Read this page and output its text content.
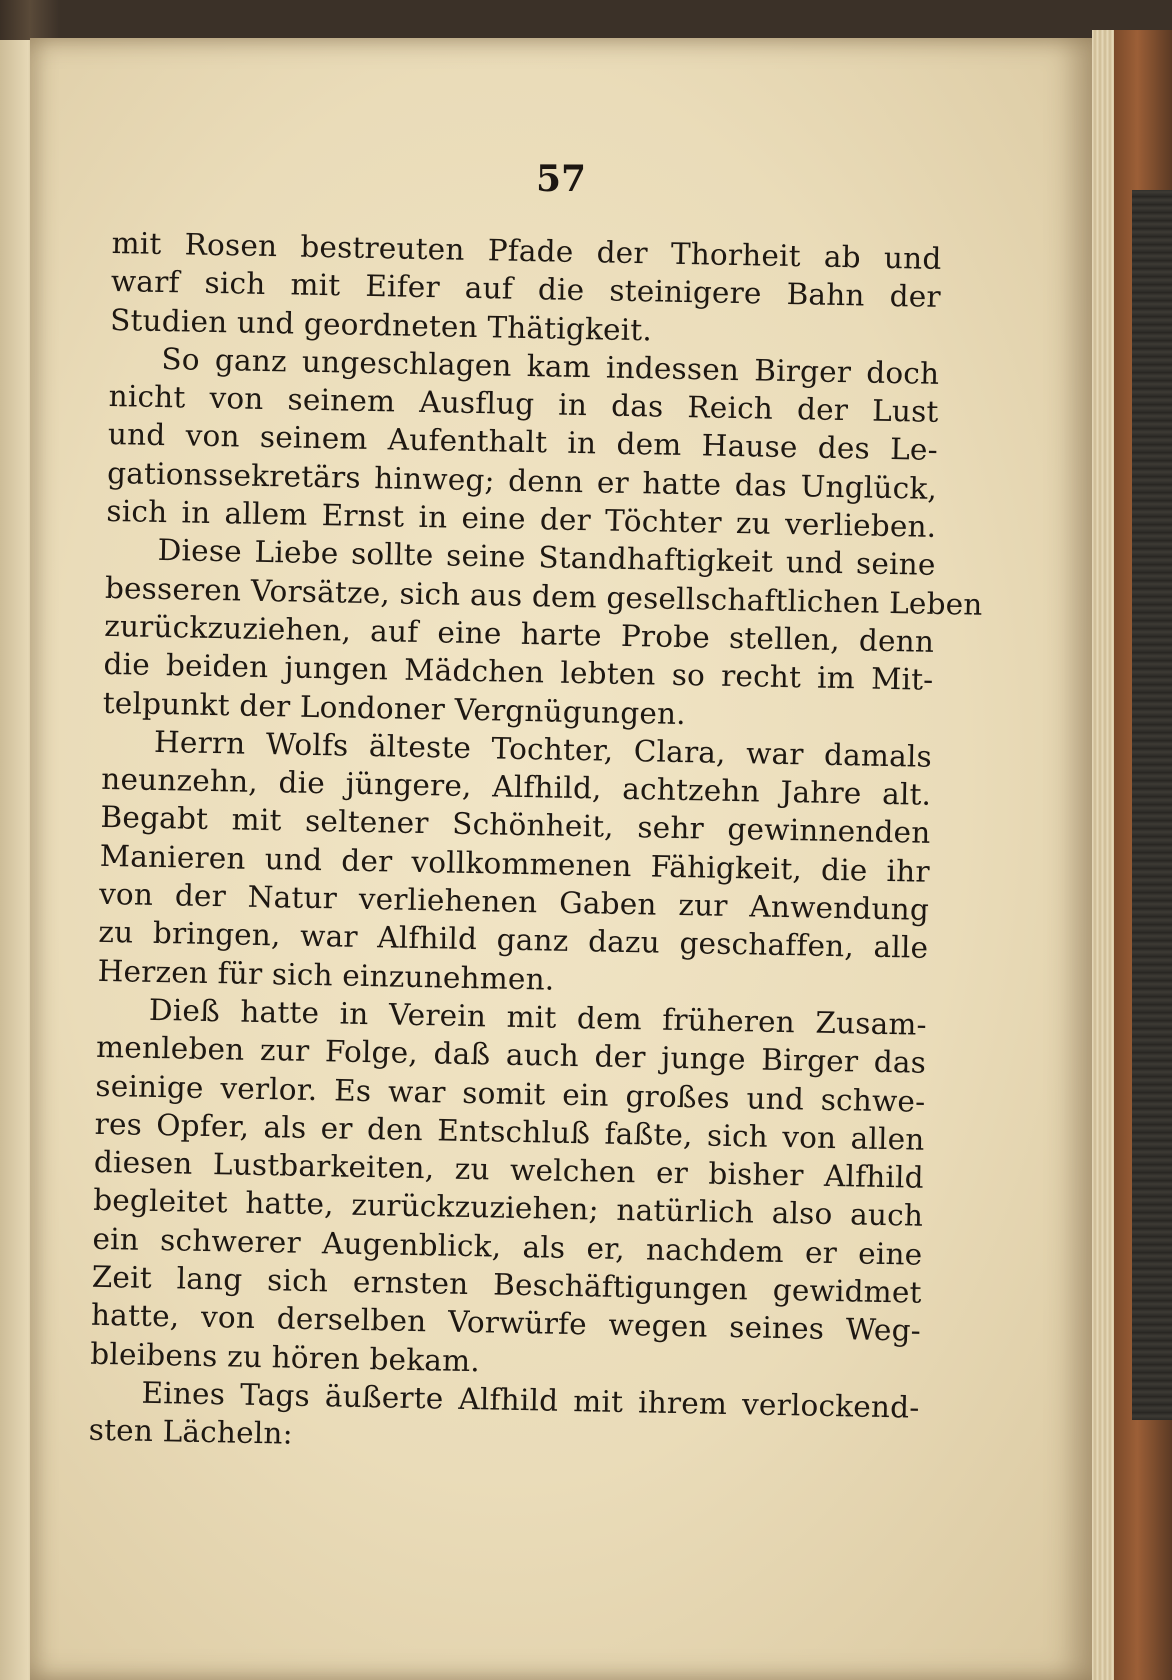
57
mit Rosen bestreuten Pfade der Thorheit ab und
warf sich mit Eifer auf die steinigere Bahn der
Studien und geordneten Thätigkeit.
So ganz ungeschlagen kam indessen Birger doch
nicht von seinem Ausflug in das Reich der Lust
und von seinem Aufenthalt in dem Hause des Le-
gationssekretärs hinweg; denn er hatte das Unglück,
sich in allem Ernst in eine der Töchter zu verlieben.
Diese Liebe sollte seine Standhaftigkeit und seine
besseren Vorsätze, sich aus dem gesellschaftlichen Leben
zurückzuziehen, auf eine harte Probe stellen, denn
die beiden jungen Mädchen lebten so recht im Mit-
telpunkt der Londoner Vergnügungen.
Herrn Wolfs älteste Tochter, Clara, war damals
neunzehn, die jüngere, Alfhild, achtzehn Jahre alt.
Begabt mit seltener Schönheit, sehr gewinnenden
Manieren und der vollkommenen Fähigkeit, die ihr
von der Natur verliehenen Gaben zur Anwendung
zu bringen, war Alfhild ganz dazu geschaffen, alle
Herzen für sich einzunehmen.
Dieß hatte in Verein mit dem früheren Zusam-
menleben zur Folge, daß auch der junge Birger das
seinige verlor. Es war somit ein großes und schwe-
res Opfer, als er den Entschluß faßte, sich von allen
diesen Lustbarkeiten, zu welchen er bisher Alfhild
begleitet hatte, zurückzuziehen; natürlich also auch
ein schwerer Augenblick, als er, nachdem er eine
Zeit lang sich ernsten Beschäftigungen gewidmet
hatte, von derselben Vorwürfe wegen seines Weg-
bleibens zu hören bekam.
Eines Tags äußerte Alfhild mit ihrem verlockend-
sten Lächeln:
